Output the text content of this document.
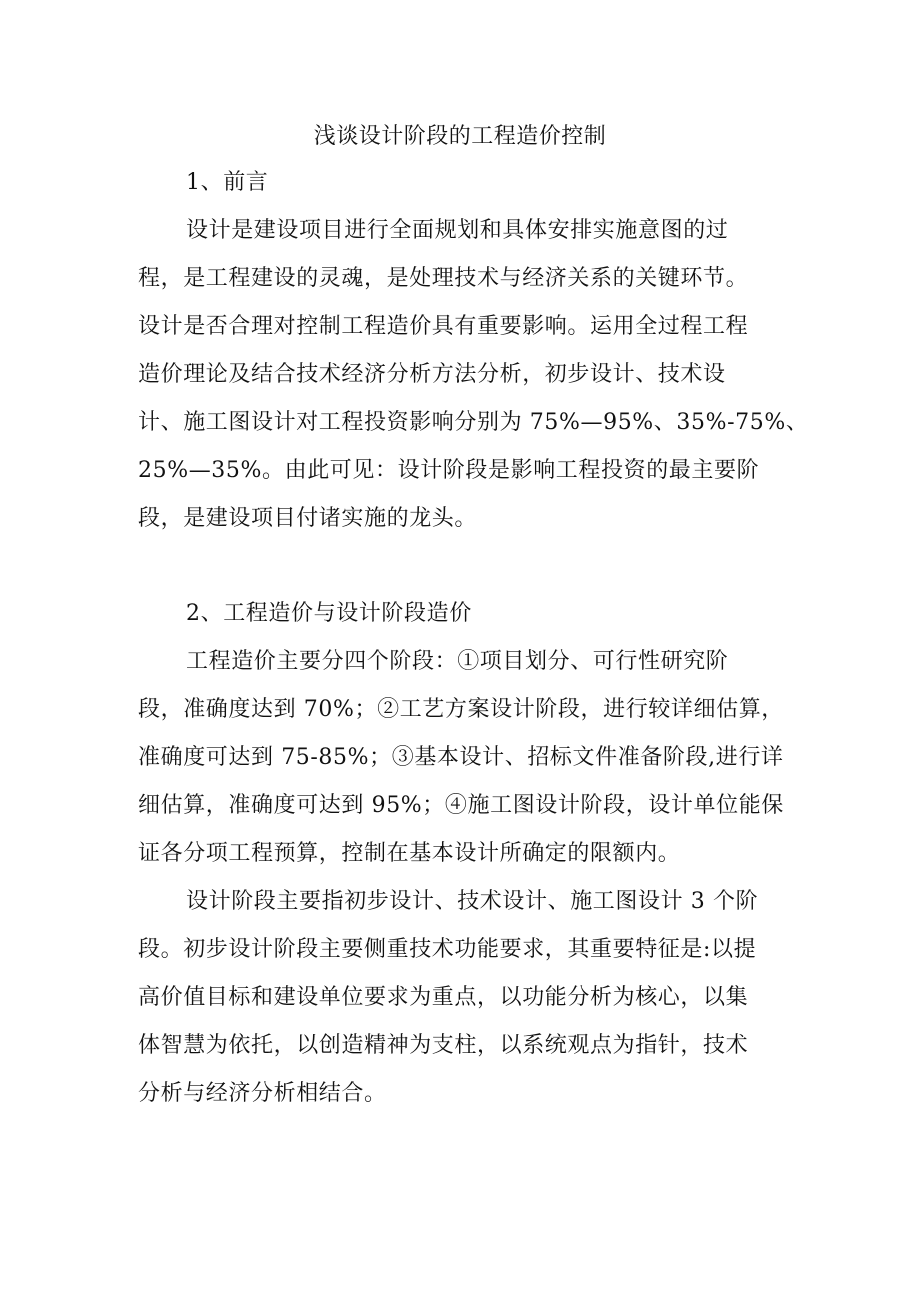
浅谈设计阶段的工程造价控制
1、前言
设计是建设项目进行全面规划和具体安排实施意图的过
程，是工程建设的灵魂，是处理技术与经济关系的关键环节。
设计是否合理对控制工程造价具有重要影响。运用全过程工程
造价理论及结合技术经济分析方法分析，初步设计、技术设
计、施工图设计对工程投资影响分别为 75%—95%、35%-75%、
25%—35%。由此可见：设计阶段是影响工程投资的最主要阶
段，是建设项目付诸实施的龙头。
2、工程造价与设计阶段造价
工程造价主要分四个阶段：①项目划分、可行性研究阶
段，准确度达到 70%；②工艺方案设计阶段，进行较详细估算，
准确度可达到 75-85%；③基本设计、招标文件准备阶段,进行详
细估算，准确度可达到 95%；④施工图设计阶段，设计单位能保
证各分项工程预算，控制在基本设计所确定的限额内。
设计阶段主要指初步设计、技术设计、施工图设计 3 个阶
段。初步设计阶段主要侧重技术功能要求，其重要特征是:以提
高价值目标和建设单位要求为重点，以功能分析为核心，以集
体智慧为依托，以创造精神为支柱，以系统观点为指针，技术
分析与经济分析相结合。
